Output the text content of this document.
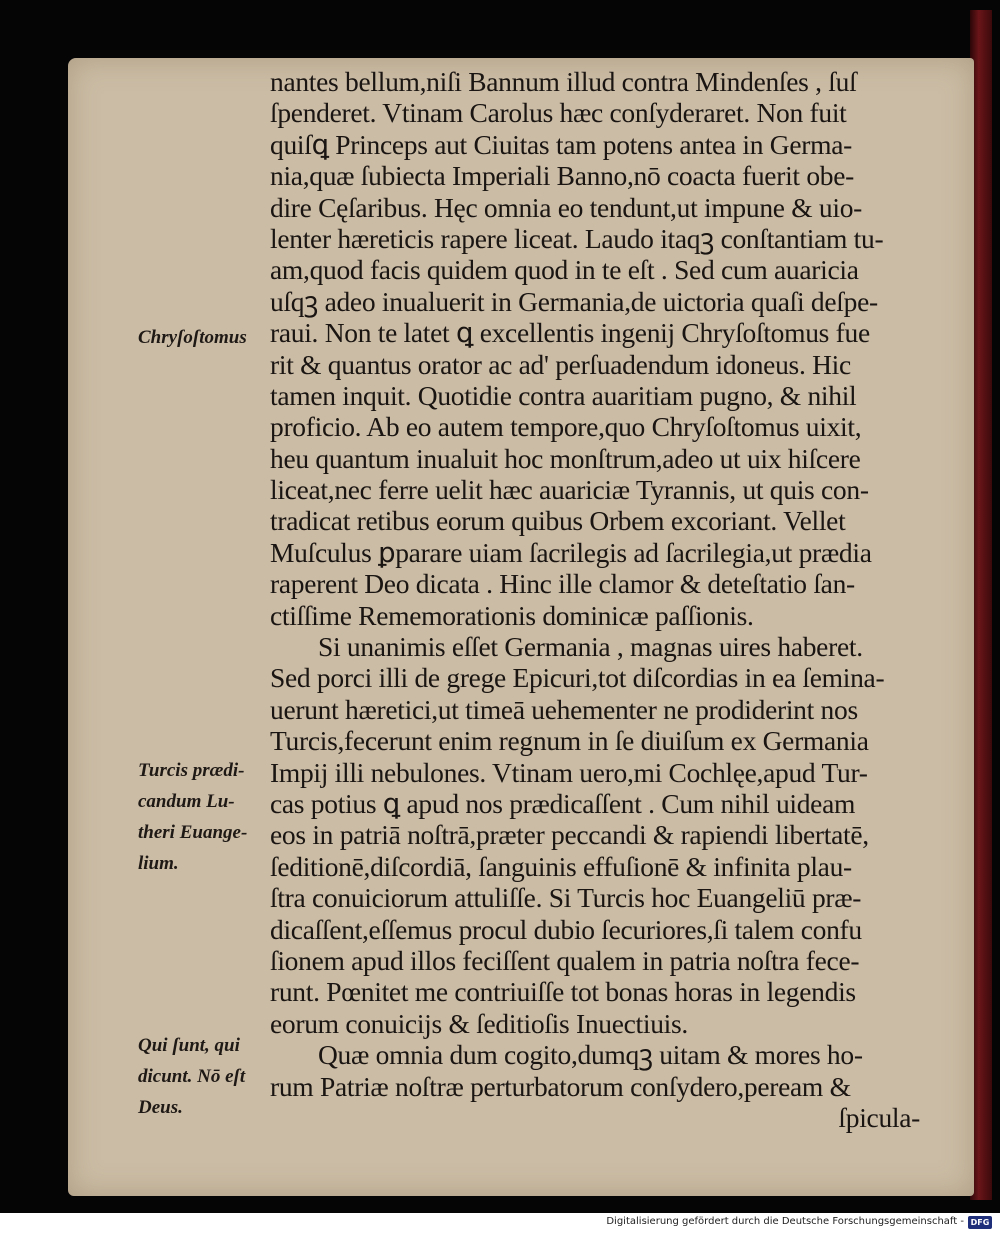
nantes bellum,niſi Bannum illud contra Mindenſes , ſuſ
ſpenderet. Vtinam Carolus hæc conſyderaret. Non fuit
quiſꝗ Princeps aut Ciuitas tam potens antea in Germa-
nia,quæ ſubiecta Imperiali Banno,nō coacta fuerit obe-
dire Cęſaribus. Hęc omnia eo tendunt,ut impune & uio-
lenter hæreticis rapere liceat. Laudo itaqꝫ conſtantiam tu-
am,quod facis quidem quod in te eſt . Sed cum auaricia
uſqꝫ adeo inualuerit in Germania,de uictoria quaſi deſpe-
raui. Non te latet ꝗ excellentis ingenij Chryſoſtomus fue
rit & quantus orator ac ad' perſuadendum idoneus. Hic
tamen inquit. Quotidie contra auaritiam pugno, & nihil
proficio. Ab eo autem tempore,quo Chryſoſtomus uixit,
heu quantum inualuit hoc monſtrum,adeo ut uix hiſcere
liceat,nec ferre uelit hæc auariciæ Tyrannis, ut quis con-
tradicat retibus eorum quibus Orbem excoriant. Vellet
Muſculus ꝑparare uiam ſacrilegis ad ſacrilegia,ut prædia
raperent Deo dicata . Hinc ille clamor & deteſtatio ſan-
ctiſſime Rememorationis dominicæ paſſionis.
Si unanimis eſſet Germania , magnas uires haberet.
Sed porci illi de grege Epicuri,tot diſcordias in ea ſemina-
uerunt hæretici,ut timeā uehementer ne prodiderint nos
Turcis,fecerunt enim regnum in ſe diuiſum ex Germania
Impij illi nebulones. Vtinam uero,mi Cochlęe,apud Tur-
cas potius ꝗ apud nos prædicaſſent . Cum nihil uideam
eos in patriā noſtrā,præter peccandi & rapiendi libertatē,
ſeditionē,diſcordiā, ſanguinis effuſionē & infinita plau-
ſtra conuiciorum attuliſſe. Si Turcis hoc Euangeliū præ-
dicaſſent,eſſemus procul dubio ſecuriores,ſi talem confu
ſionem apud illos feciſſent qualem in patria noſtra fece-
runt. Pœnitet me contriuiſſe tot bonas horas in legendis
eorum conuicijs & ſeditioſis Inuectiuis.
Quæ omnia dum cogito,dumqꝫ uitam & mores ho-
rum Patriæ noſtræ perturbatorum conſydero,peream &
ſpicula-
Chryſoſtomus
Turcis prædi-
candum Lu-
theri Euange-
lium.
Qui ſunt, qui
dicunt. Nō eſt
Deus.
Digitalisierung gefördert durch die Deutsche Forschungsgemeinschaft - DFG
